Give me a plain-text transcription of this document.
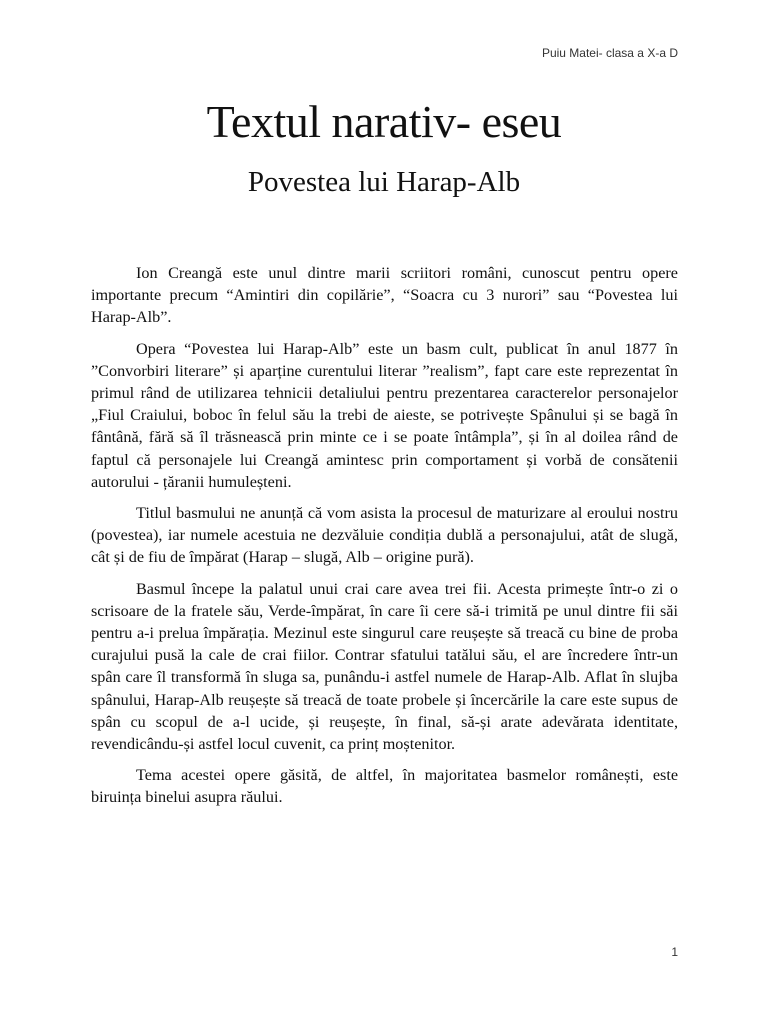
Puiu Matei- clasa a X-a D
Textul narativ- eseu
Povestea lui Harap-Alb

Ion Creangă este unul dintre marii scriitori români, cunoscut pentru opere importante precum “Amintiri din copilărie”, “Soacra cu 3 nurori” sau “Povestea lui Harap-Alb”.

Opera “Povestea lui Harap-Alb” este un basm cult, publicat în anul 1877 în ”Convorbiri literare” și aparține curentului literar ”realism”, fapt care este reprezentat în primul rând de utilizarea tehnicii detaliului pentru prezentarea caracterelor personajelor „Fiul Craiului, boboc în felul său la trebi de aieste, se potrivește Spânului și se bagă în fântână, fără să îl trăsnească prin minte ce i se poate întâmpla”, și în al doilea rând de faptul că personajele lui Creangă amintesc prin comportament și vorbă de consătenii autorului - țăranii humuleșteni.

Titlul basmului ne anunță că vom asista la procesul de maturizare al eroului nostru (povestea), iar numele acestuia ne dezvăluie condiția dublă a personajului, atât de slugă, cât și de fiu de împărat (Harap – slugă, Alb – origine pură).

Basmul începe la palatul unui crai care avea trei fii. Acesta primește într-o zi o scrisoare de la fratele său, Verde-împărat, în care îi cere să-i trimită pe unul dintre fii săi pentru a-i prelua împărația. Mezinul este singurul care reușește să treacă cu bine de proba curajului pusă la cale de crai fiilor. Contrar sfatului tatălui său, el are încredere într-un spân care îl transformă în sluga sa, punându-i astfel numele de Harap-Alb. Aflat în slujba spânului, Harap-Alb reușește să treacă de toate probele și încercările la care este supus de spân cu scopul de a-l ucide, și reușește, în final, să-și arate adevărata identitate, revendicându-și astfel locul cuvenit, ca prinț moștenitor.

Tema acestei opere găsită, de altfel, în majoritatea basmelor românești, este biruința binelui asupra răului.

1
